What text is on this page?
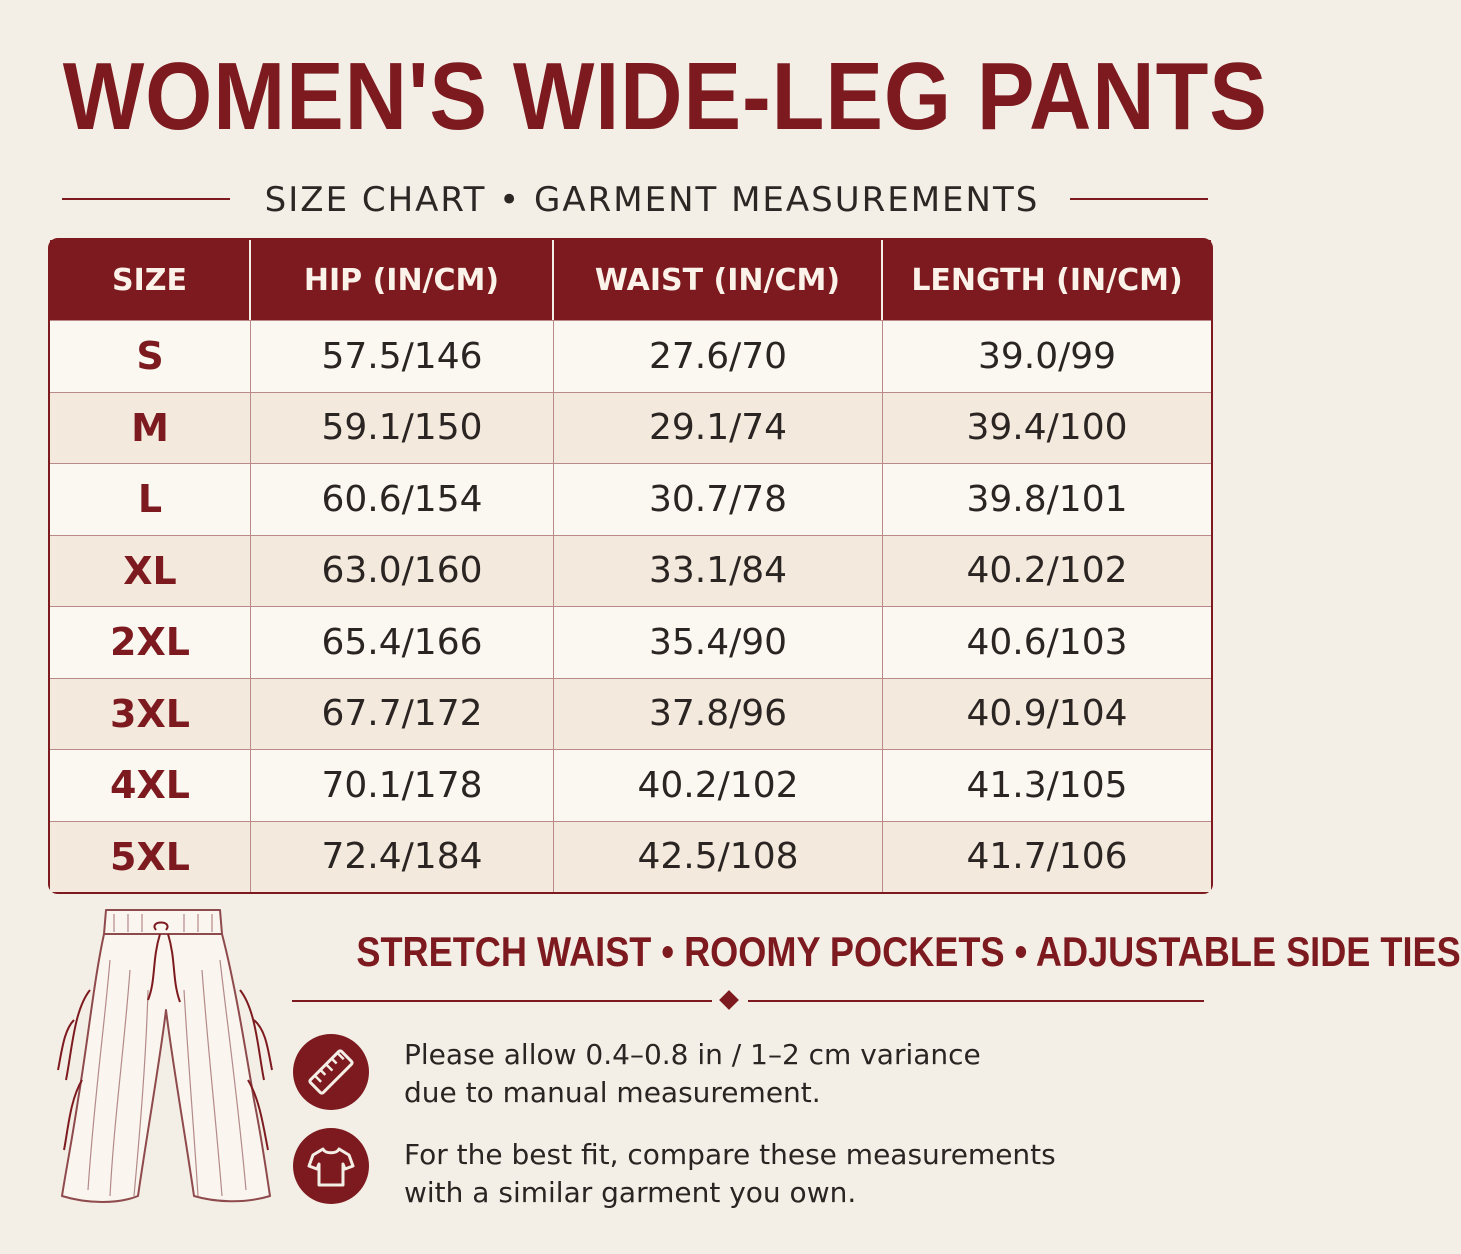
WOMEN'S WIDE-LEG PANTS
SIZE CHART • GARMENT MEASUREMENTS
SIZE	HIP (IN/CM)	WAIST (IN/CM)	LENGTH (IN/CM)
S	57.5/146	27.6/70	39.0/99
M	59.1/150	29.1/74	39.4/100
L	60.6/154	30.7/78	39.8/101
XL	63.0/160	33.1/84	40.2/102
2XL	65.4/166	35.4/90	40.6/103
3XL	67.7/172	37.8/96	40.9/104
4XL	70.1/178	40.2/102	41.3/105
5XL	72.4/184	42.5/108	41.7/106
STRETCH WAIST • ROOMY POCKETS • ADJUSTABLE SIDE TIES
Please allow 0.4–0.8 in / 1–2 cm variance
due to manual measurement.
For the best fit, compare these measurements
with a similar garment you own.
